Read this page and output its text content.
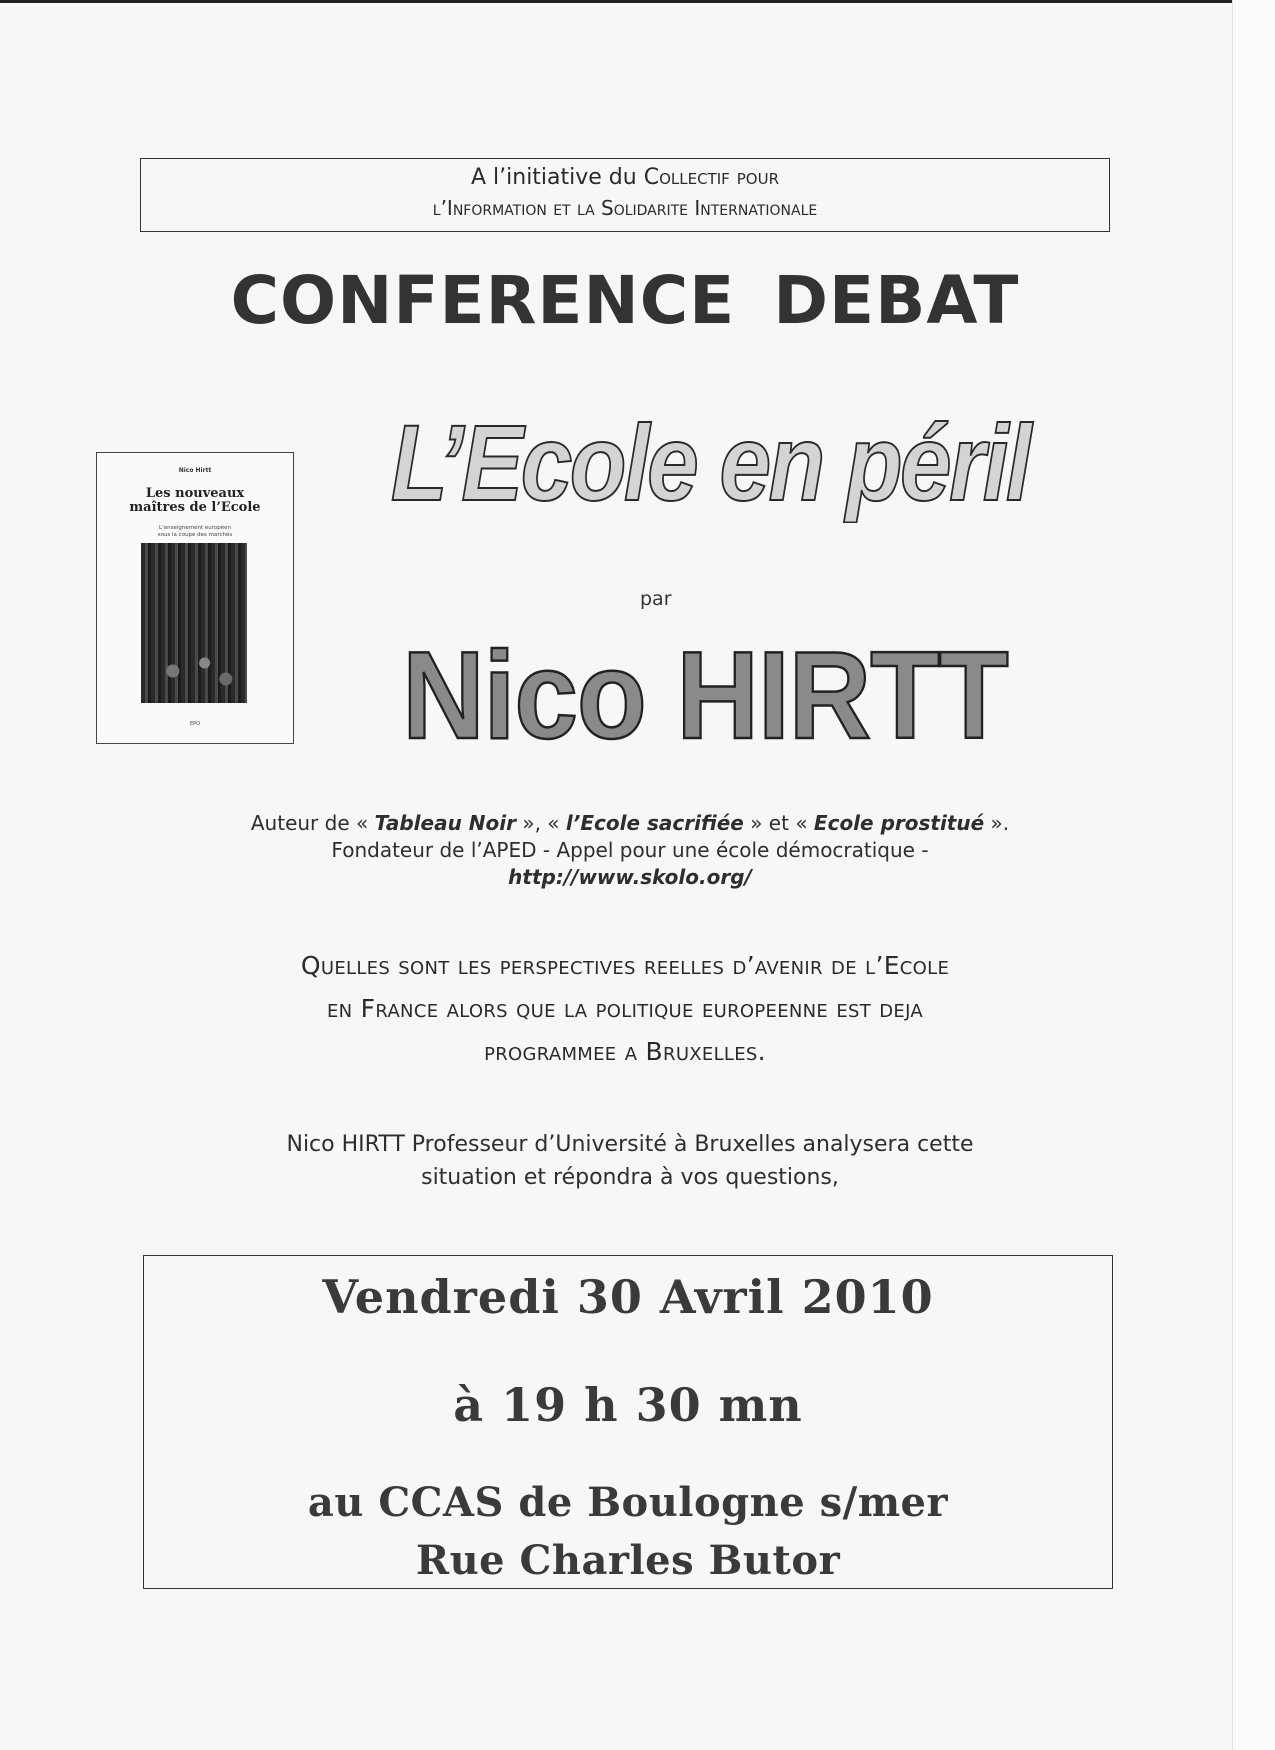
A l’initiative du Collectif pour
l’Information et la Solidarite Internationale
CONFERENCE DEBAT
Nico Hirtt
Les nouveaux
maîtres de l’Ecole
L’enseignement européen
sous la coupe des marchés
EPO
L’Ecole en péril
par
Nico HIRTT
Auteur de « Tableau Noir », « l’Ecole sacrifiée » et « Ecole prostitué ».
Fondateur de l’APED - Appel pour une école démocratique -
http://www.skolo.org/
Quelles sont les perspectives reelles d’avenir de l’Ecole
en France alors que la politique europeenne est deja
programmee a Bruxelles.
Nico HIRTT Professeur d’Université à Bruxelles analysera cette
situation et répondra à vos questions,
Vendredi 30 Avril 2010
à 19 h 30 mn
au CCAS de Boulogne s/mer
Rue Charles Butor
